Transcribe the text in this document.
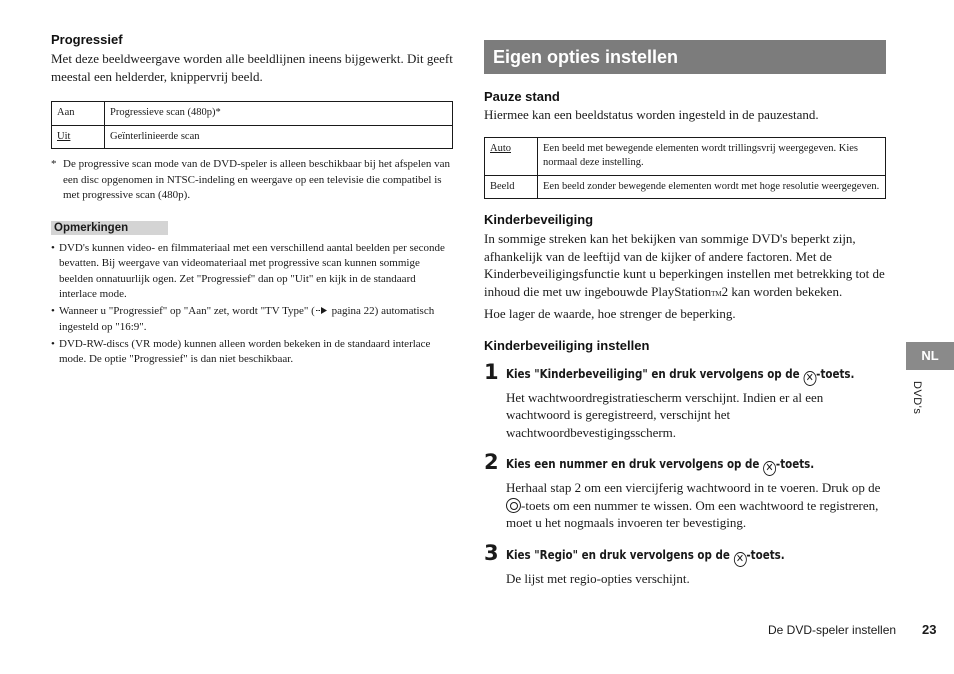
Progressief

Met deze beeldweergave worden alle beeldlijnen ineens bijgewerkt. Dit geeft meestal een helderder, knippervrij beeld.

Aan	Progressieve scan (480p)*
Uit	Geïnterlinieerde scan
* De progressive scan mode van de DVD-speler is alleen beschikbaar bij het afspelen van een disc opgenomen in NTSC-indeling en weergave op een televisie die compatibel is met progressive scan (480p).
Opmerkingen
• DVD's kunnen video- en filmmateriaal met een verschillend aantal beelden per seconde bevatten. Bij weergave van videomateriaal met progressive scan kunnen sommige beelden onnatuurlijk ogen. Zet "Progressief" dan op "Uit" en kijk in de standaard interlace mode.
• Wanneer u "Progressief" op "Aan" zet, wordt "TV Type" ( pagina 22) automatisch ingesteld op "16:9".
• DVD-RW-discs (VR mode) kunnen alleen worden bekeken in de standaard interlace mode. De optie "Progressief" is dan niet beschikbaar.
Eigen opties instellen
Pauze stand

Hiermee kan een beeldstatus worden ingesteld in de pauzestand.

Auto	Een beeld met bewegende elementen wordt trillingsvrij weergegeven. Kies normaal deze instelling.
Beeld	Een beeld zonder bewegende elementen wordt met hoge resolutie weergegeven.
Kinderbeveiliging

In sommige streken kan het bekijken van sommige DVD's beperkt zijn, afhankelijk van de leeftijd van de kijker of andere factoren. Met de Kinderbeveiligingsfunctie kunt u beperkingen instellen met betrekking tot de inhoud die met uw ingebouwde PlayStationTM2 kan worden bekeken.

Hoe lager de waarde, hoe strenger de beperking.

Kinderbeveiliging instellen
1 Kies "Kinderbeveiliging" en druk vervolgens op de ✕ -toets.

Het wachtwoordregistratiescherm verschijnt. Indien er al een wachtwoord is geregistreerd, verschijnt het wachtwoordbevestigingsscherm.

2 Kies een nummer en druk vervolgens op de ✕ -toets.

Herhaal stap 2 om een viercijferig wachtwoord in te voeren. Druk op de -toets om een nummer te wissen. Om een wachtwoord te registreren, moet u het nogmaals invoeren ter bevestiging.

3 Kies "Regio" en druk vervolgens op de ✕ -toets.

De lijst met regio-opties verschijnt.

NL
DVD's
De DVD-speler instellen 23
